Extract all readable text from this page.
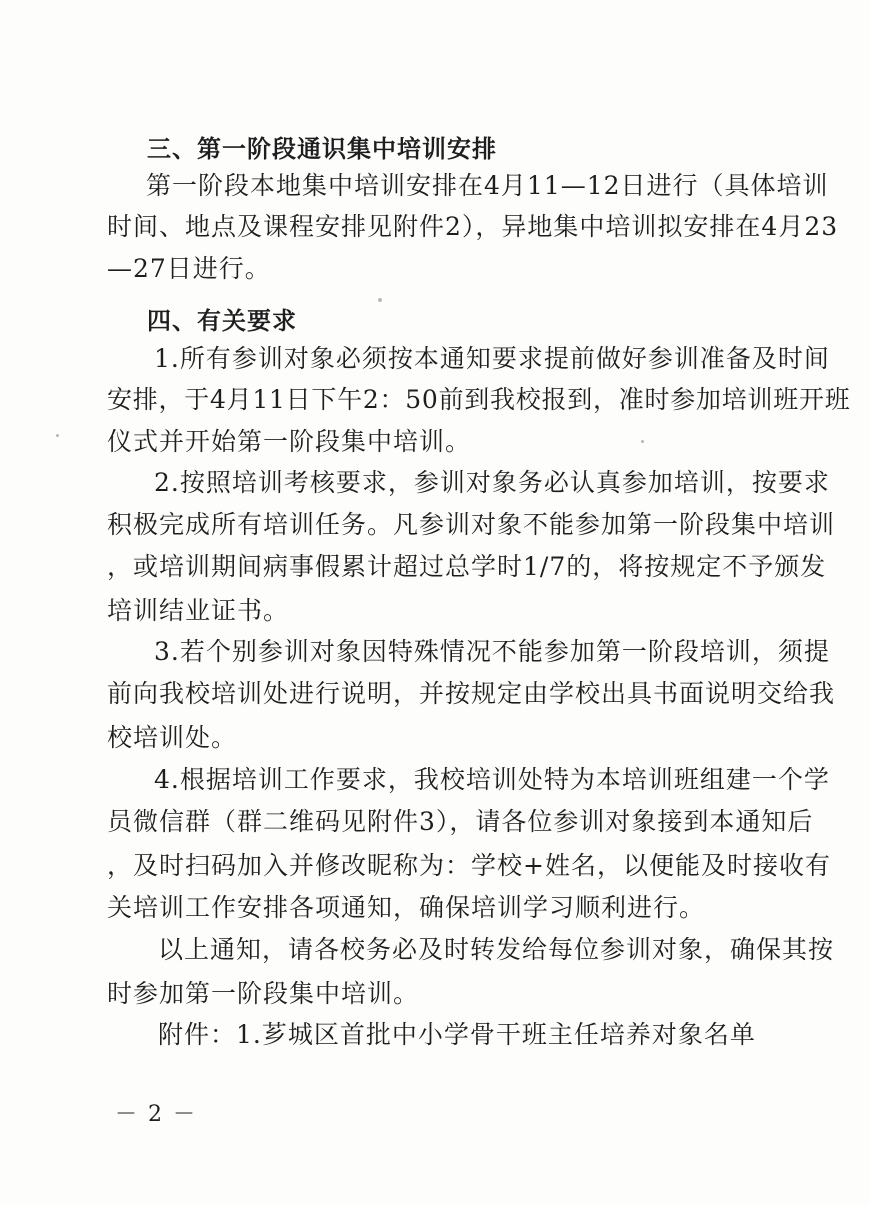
三、第一阶段通识集中培训安排
第一阶段本地集中培训安排在4月11—12日进行（具体培训
时间、地点及课程安排见附件2），异地集中培训拟安排在4月23
—27日进行。
四、有关要求
1.所有参训对象必须按本通知要求提前做好参训准备及时间
安排，于4月11日下午2：50前到我校报到，准时参加培训班开班
仪式并开始第一阶段集中培训。
2.按照培训考核要求，参训对象务必认真参加培训，按要求
积极完成所有培训任务。凡参训对象不能参加第一阶段集中培训
，或培训期间病事假累计超过总学时1/7的，将按规定不予颁发
培训结业证书。
3.若个别参训对象因特殊情况不能参加第一阶段培训，须提
前向我校培训处进行说明，并按规定由学校出具书面说明交给我
校培训处。
4.根据培训工作要求，我校培训处特为本培训班组建一个学
员微信群（群二维码见附件3），请各位参训对象接到本通知后
，及时扫码加入并修改昵称为：学校+姓名，以便能及时接收有
关培训工作安排各项通知，确保培训学习顺利进行。
以上通知，请各校务必及时转发给每位参训对象，确保其按
时参加第一阶段集中培训。
附件：1.芗城区首批中小学骨干班主任培养对象名单
－ 2 －
